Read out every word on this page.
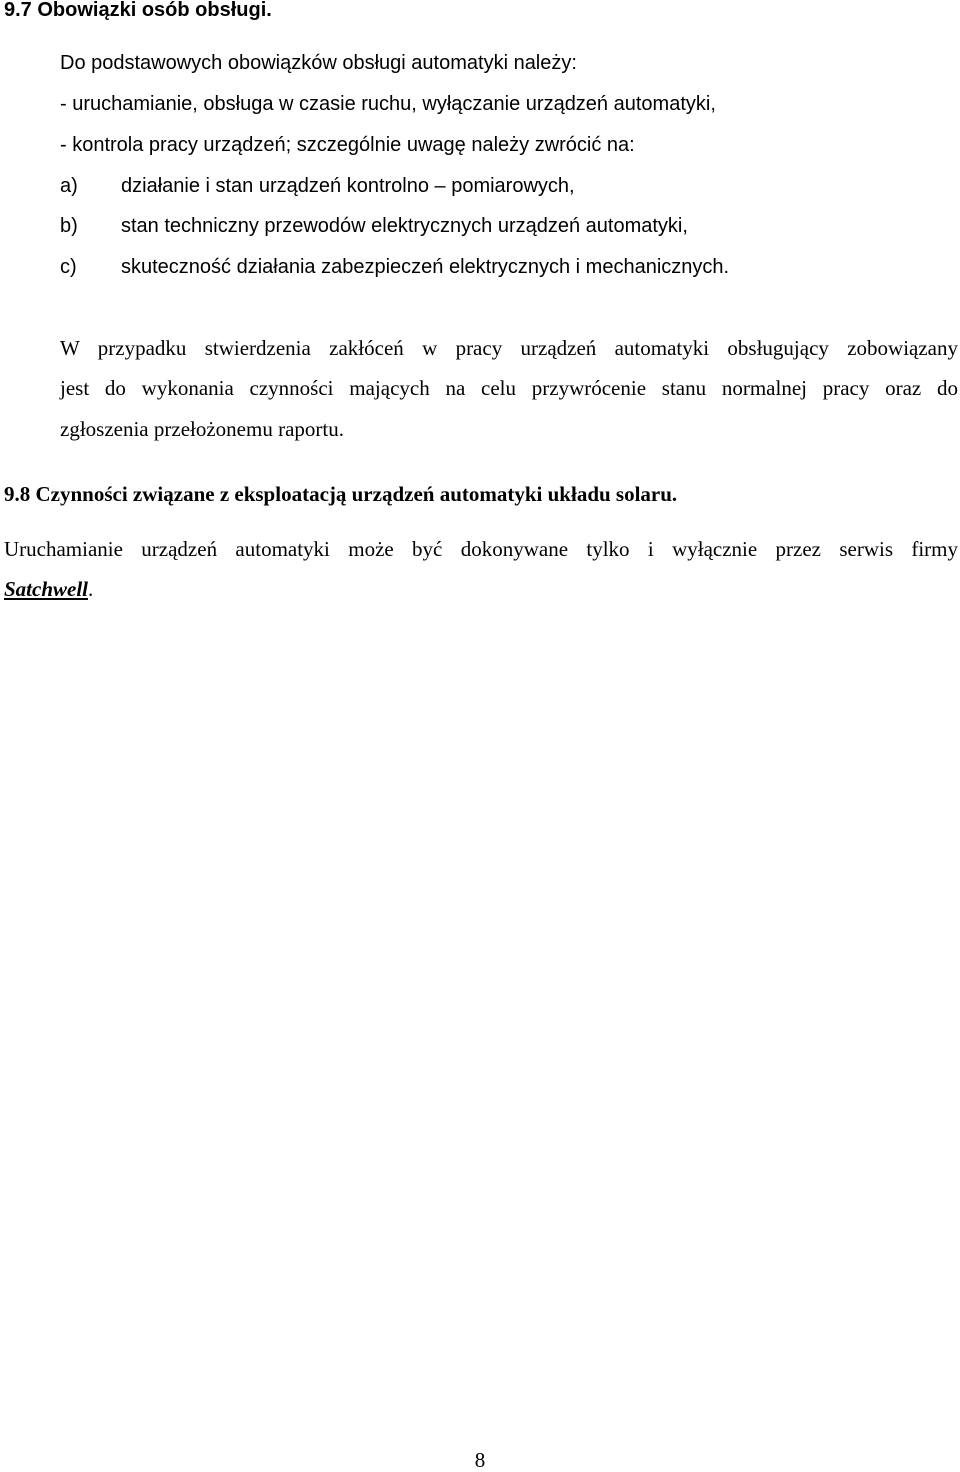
9.7 Obowiązki osób obsługi.
Do podstawowych obowiązków obsługi automatyki należy:
- uruchamianie, obsługa w czasie ruchu, wyłączanie urządzeń automatyki,
- kontrola pracy urządzeń; szczególnie uwagę należy zwrócić na:
a) działanie i stan urządzeń kontrolno – pomiarowych,
b) stan techniczny przewodów elektrycznych urządzeń automatyki,
c) skuteczność działania zabezpieczeń elektrycznych i mechanicznych.
W przypadku stwierdzenia zakłóceń w pracy urządzeń automatyki obsługujący zobowiązany
jest do wykonania czynności mających na celu przywrócenie stanu normalnej pracy oraz do
zgłoszenia przełożonemu raportu.
9.8 Czynności związane z eksploatacją urządzeń automatyki układu solaru.
Uruchamianie urządzeń automatyki może być dokonywane tylko i wyłącznie przez serwis firmy
Satchwell.
8
